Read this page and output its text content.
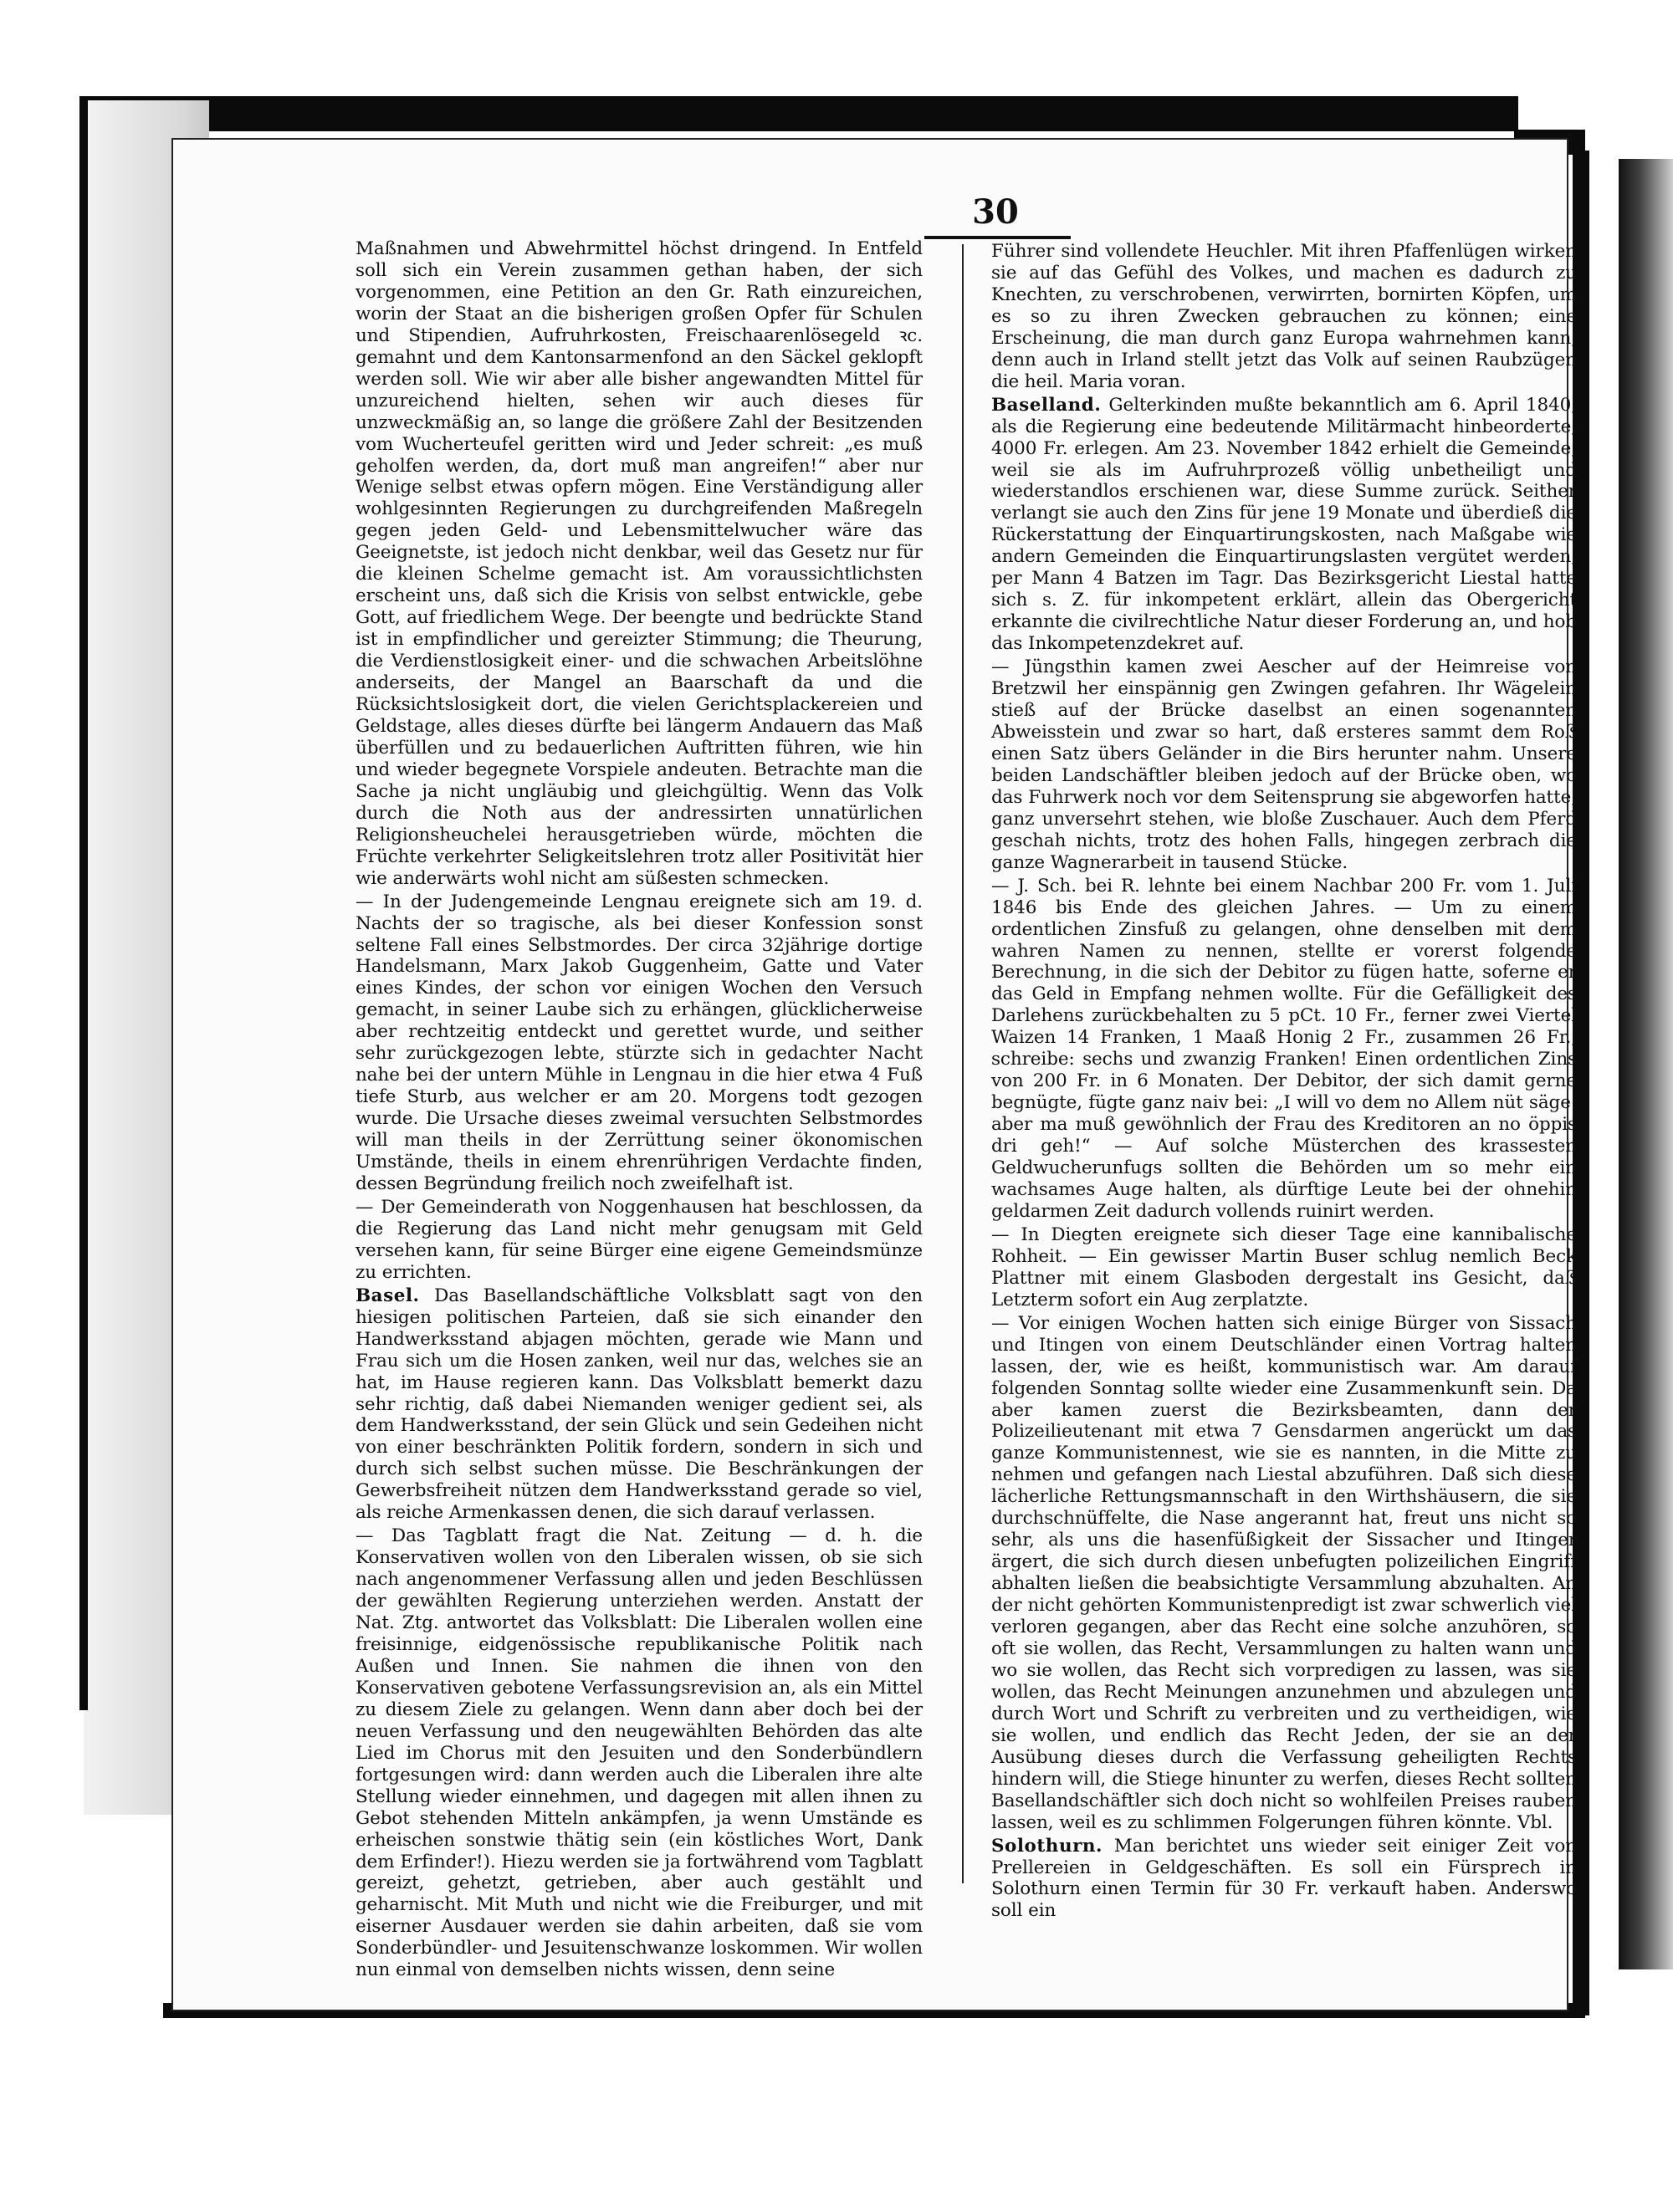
30

Maßnahmen und Abwehrmittel höchst dringend. In Entfeld soll sich ein Verein zusammen gethan haben, der sich vorgenommen, eine Petition an den Gr. Rath einzureichen, worin der Staat an die bisherigen großen Opfer für Schulen und Stipendien, Aufruhrkosten, Freischaarenlösegeld ꝛc. gemahnt und dem Kantonsarmenfond an den Säckel geklopft werden soll. Wie wir aber alle bisher angewandten Mittel für unzureichend hielten, sehen wir auch dieses für unzweckmäßig an, so lange die größere Zahl der Besitzenden vom Wucherteufel geritten wird und Jeder schreit: „es muß geholfen werden, da, dort muß man angreifen!“ aber nur Wenige selbst etwas opfern mögen. Eine Verständigung aller wohlgesinnten Regierungen zu durchgreifenden Maßregeln gegen jeden Geld- und Lebensmittelwucher wäre das Geeignetste, ist jedoch nicht denkbar, weil das Gesetz nur für die kleinen Schelme gemacht ist. Am voraussichtlichsten erscheint uns, daß sich die Krisis von selbst entwickle, gebe Gott, auf friedlichem Wege. Der beengte und bedrückte Stand ist in empfindlicher und gereizter Stimmung; die Theurung, die Verdienstlosigkeit einer- und die schwachen Arbeitslöhne anderseits, der Mangel an Baarschaft da und die Rücksichtslosigkeit dort, die vielen Gerichtsplackereien und Geldstage, alles dieses dürfte bei längerm Andauern das Maß überfüllen und zu bedauerlichen Auftritten führen, wie hin und wieder begegnete Vorspiele andeuten. Betrachte man die Sache ja nicht ungläubig und gleichgültig. Wenn das Volk durch die Noth aus der andressirten unnatürlichen Religionsheuchelei herausgetrieben würde, möchten die Früchte verkehrter Seligkeitslehren trotz aller Positivität hier wie anderwärts wohl nicht am süßesten schmecken.

— In der Judengemeinde Lengnau ereignete sich am 19. d. Nachts der so tragische, als bei dieser Konfession sonst seltene Fall eines Selbstmordes. Der circa 32jährige dortige Handelsmann, Marx Jakob Guggenheim, Gatte und Vater eines Kindes, der schon vor einigen Wochen den Versuch gemacht, in seiner Laube sich zu erhängen, glücklicherweise aber rechtzeitig entdeckt und gerettet wurde, und seither sehr zurückgezogen lebte, stürzte sich in gedachter Nacht nahe bei der untern Mühle in Lengnau in die hier etwa 4 Fuß tiefe Sturb, aus welcher er am 20. Morgens todt gezogen wurde. Die Ursache dieses zweimal versuchten Selbstmordes will man theils in der Zerrüttung seiner ökonomischen Umstände, theils in einem ehrenrührigen Verdachte finden, dessen Begründung freilich noch zweifelhaft ist.

— Der Gemeinderath von Noggenhausen hat beschlossen, da die Regierung das Land nicht mehr genugsam mit Geld versehen kann, für seine Bürger eine eigene Gemeindsmünze zu errichten.

Basel. Das Basellandschäftliche Volksblatt sagt von den hiesigen politischen Parteien, daß sie sich einander den Handwerksstand abjagen möchten, gerade wie Mann und Frau sich um die Hosen zanken, weil nur das, welches sie an hat, im Hause regieren kann. Das Volksblatt bemerkt dazu sehr richtig, daß dabei Niemanden weniger gedient sei, als dem Handwerksstand, der sein Glück und sein Gedeihen nicht von einer beschränkten Politik fordern, sondern in sich und durch sich selbst suchen müsse. Die Beschränkungen der Gewerbsfreiheit nützen dem Handwerksstand gerade so viel, als reiche Armenkassen denen, die sich darauf verlassen.

— Das Tagblatt fragt die Nat. Zeitung — d. h. die Konservativen wollen von den Liberalen wissen, ob sie sich nach angenommener Verfassung allen und jeden Beschlüssen der gewählten Regierung unterziehen werden. Anstatt der Nat. Ztg. antwortet das Volksblatt: Die Liberalen wollen eine freisinnige, eidgenössische republikanische Politik nach Außen und Innen. Sie nahmen die ihnen von den Konservativen gebotene Verfassungsrevision an, als ein Mittel zu diesem Ziele zu gelangen. Wenn dann aber doch bei der neuen Verfassung und den neugewählten Behörden das alte Lied im Chorus mit den Jesuiten und den Sonderbündlern fortgesungen wird: dann werden auch die Liberalen ihre alte Stellung wieder einnehmen, und dagegen mit allen ihnen zu Gebot stehenden Mitteln ankämpfen, ja wenn Umstände es erheischen sonstwie thätig sein (ein köstliches Wort, Dank dem Erfinder!). Hiezu werden sie ja fortwährend vom Tagblatt gereizt, gehetzt, getrieben, aber auch gestählt und geharnischt. Mit Muth und nicht wie die Freiburger, und mit eiserner Ausdauer werden sie dahin arbeiten, daß sie vom Sonderbündler- und Jesuitenschwanze loskommen. Wir wollen nun einmal von demselben nichts wissen, denn seine

Führer sind vollendete Heuchler. Mit ihren Pfaffenlügen wirken sie auf das Gefühl des Volkes, und machen es dadurch zu Knechten, zu verschrobenen, verwirrten, bornirten Köpfen, um es so zu ihren Zwecken gebrauchen zu können; eine Erscheinung, die man durch ganz Europa wahrnehmen kann, denn auch in Irland stellt jetzt das Volk auf seinen Raubzügen die heil. Maria voran.

Baselland. Gelterkinden mußte bekanntlich am 6. April 1840, als die Regierung eine bedeutende Militärmacht hinbeorderte, 4000 Fr. erlegen. Am 23. November 1842 erhielt die Gemeinde, weil sie als im Aufruhrprozeß völlig unbetheiligt und wiederstandlos erschienen war, diese Summe zurück. Seither verlangt sie auch den Zins für jene 19 Monate und überdieß die Rückerstattung der Einquartirungskosten, nach Maßgabe wie andern Gemeinden die Einquartirungslasten vergütet werden, per Mann 4 Batzen im Tagr. Das Bezirksgericht Liestal hatte sich s. Z. für inkompetent erklärt, allein das Obergericht erkannte die civilrechtliche Natur dieser Forderung an, und hob das Inkompetenzdekret auf.

— Jüngsthin kamen zwei Aescher auf der Heimreise von Bretzwil her einspännig gen Zwingen gefahren. Ihr Wägelein stieß auf der Brücke daselbst an einen sogenannten Abweisstein und zwar so hart, daß ersteres sammt dem Roß einen Satz übers Geländer in die Birs herunter nahm. Unsere beiden Landschäftler bleiben jedoch auf der Brücke oben, wo das Fuhrwerk noch vor dem Seitensprung sie abgeworfen hatte, ganz unversehrt stehen, wie bloße Zuschauer. Auch dem Pferd geschah nichts, trotz des hohen Falls, hingegen zerbrach die ganze Wagnerarbeit in tausend Stücke.

— J. Sch. bei R. lehnte bei einem Nachbar 200 Fr. vom 1. Juli 1846 bis Ende des gleichen Jahres. — Um zu einem ordentlichen Zinsfuß zu gelangen, ohne denselben mit dem wahren Namen zu nennen, stellte er vorerst folgende Berechnung, in die sich der Debitor zu fügen hatte, soferne er das Geld in Empfang nehmen wollte. Für die Gefälligkeit des Darlehens zurückbehalten zu 5 pCt. 10 Fr., ferner zwei Viertel Waizen 14 Franken, 1 Maaß Honig 2 Fr., zusammen 26 Fr., schreibe: sechs und zwanzig Franken! Einen ordentlichen Zins von 200 Fr. in 6 Monaten. Der Debitor, der sich damit gerne begnügte, fügte ganz naiv bei: „I will vo dem no Allem nüt säge: aber ma muß gewöhnlich der Frau des Kreditoren an no öppis dri geh!“ — Auf solche Müsterchen des krassesten Geldwucherunfugs sollten die Behörden um so mehr ein wachsames Auge halten, als dürftige Leute bei der ohnehin geldarmen Zeit dadurch vollends ruinirt werden.

— In Diegten ereignete sich dieser Tage eine kannibalische Rohheit. — Ein gewisser Martin Buser schlug nemlich Beck Plattner mit einem Glasboden dergestalt ins Gesicht, daß Letzterm sofort ein Aug zerplatzte.

— Vor einigen Wochen hatten sich einige Bürger von Sissach und Itingen von einem Deutschländer einen Vortrag halten lassen, der, wie es heißt, kommunistisch war. Am darauf folgenden Sonntag sollte wieder eine Zusammenkunft sein. Da aber kamen zuerst die Bezirksbeamten, dann der Polizeilieutenant mit etwa 7 Gensdarmen angerückt um das ganze Kommunistennest, wie sie es nannten, in die Mitte zu nehmen und gefangen nach Liestal abzuführen. Daß sich diese lächerliche Rettungsmannschaft in den Wirthshäusern, die sie durchschnüffelte, die Nase angerannt hat, freut uns nicht so sehr, als uns die hasenfüßigkeit der Sissacher und Itinger ärgert, die sich durch diesen unbefugten polizeilichen Eingriff abhalten ließen die beabsichtigte Versammlung abzuhalten. An der nicht gehörten Kommunistenpredigt ist zwar schwerlich viel verloren gegangen, aber das Recht eine solche anzuhören, so oft sie wollen, das Recht, Versammlungen zu halten wann und wo sie wollen, das Recht sich vorpredigen zu lassen, was sie wollen, das Recht Meinungen anzunehmen und abzulegen und durch Wort und Schrift zu verbreiten und zu vertheidigen, wie sie wollen, und endlich das Recht Jeden, der sie an der Ausübung dieses durch die Verfassung geheiligten Rechts hindern will, die Stiege hinunter zu werfen, dieses Recht sollten Basellandschäftler sich doch nicht so wohlfeilen Preises rauben lassen, weil es zu schlimmen Folgerungen führen könnte. Vbl.

Solothurn. Man berichtet uns wieder seit einiger Zeit von Prellereien in Geldgeschäften. Es soll ein Fürsprech in Solothurn einen Termin für 30 Fr. verkauft haben. Anderswo soll ein
